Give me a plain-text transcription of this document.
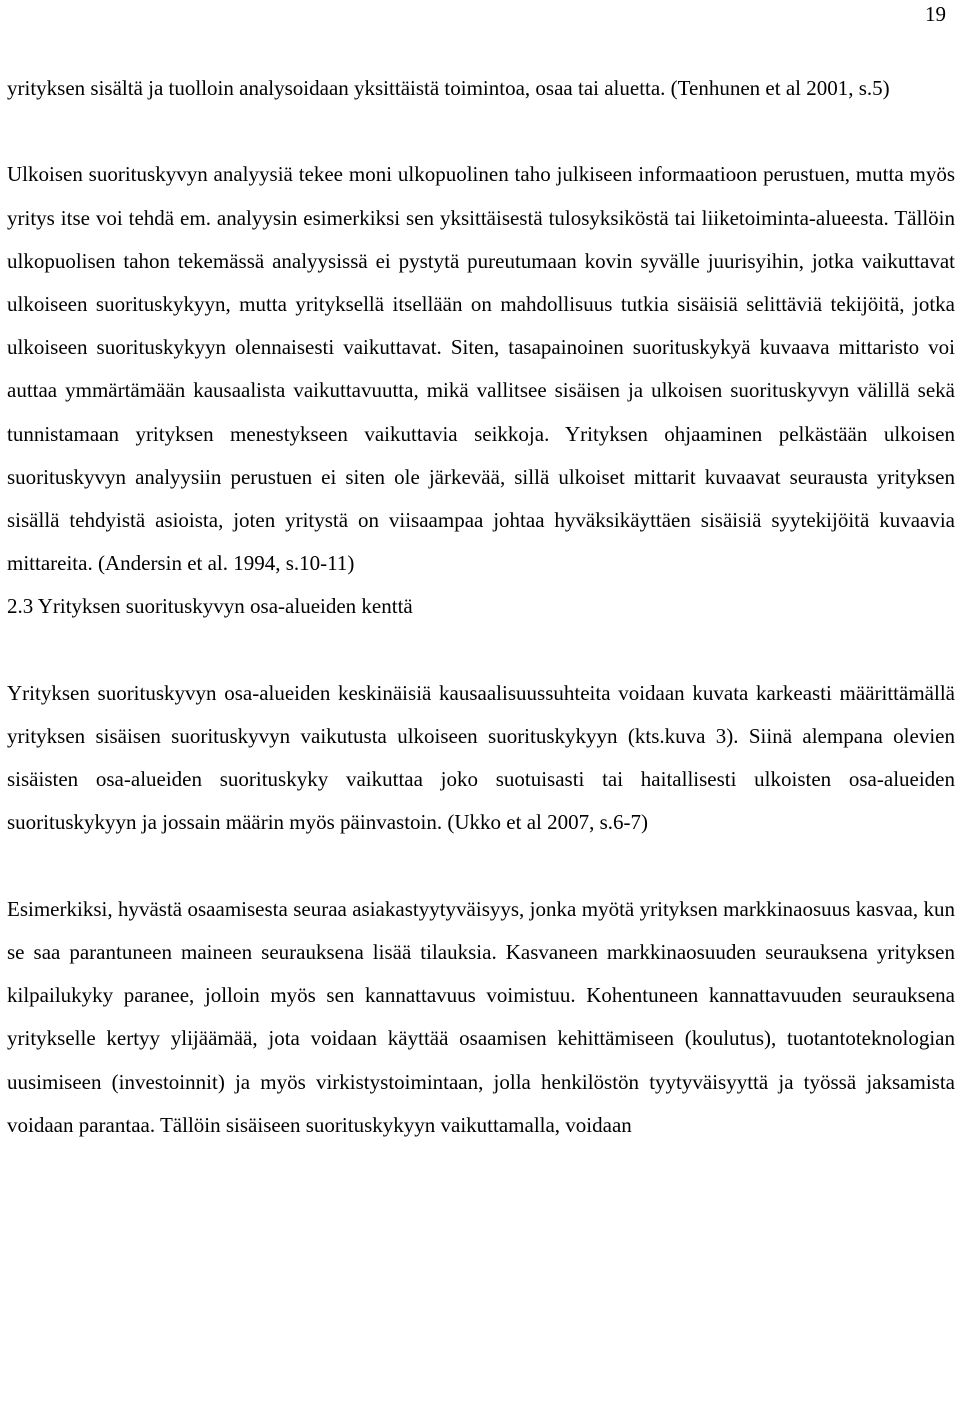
19

yrityksen sisältä ja tuolloin analysoidaan yksittäistä toimintoa, osaa tai aluetta. (Tenhunen et al 2001, s.5)

Ulkoisen suorituskyvyn analyysiä tekee moni ulkopuolinen taho julkiseen informaatioon perustuen, mutta myös yritys itse voi tehdä em. analyysin esimerkiksi sen yksittäisestä tulosyksiköstä tai liiketoiminta-alueesta. Tällöin ulkopuolisen tahon tekemässä analyysissä ei pystytä pureutumaan kovin syvälle juurisyihin, jotka vaikuttavat ulkoiseen suorituskykyyn, mutta yrityksellä itsellään on mahdollisuus tutkia sisäisiä selittäviä tekijöitä, jotka ulkoiseen suorituskykyyn olennaisesti vaikuttavat. Siten, tasapainoinen suorituskykyä kuvaava mittaristo voi auttaa ymmärtämään kausaalista vaikuttavuutta, mikä vallitsee sisäisen ja ulkoisen suorituskyvyn välillä sekä tunnistamaan yrityksen menestykseen vaikuttavia seikkoja. Yrityksen ohjaaminen pelkästään ulkoisen suorituskyvyn analyysiin perustuen ei siten ole järkevää, sillä ulkoiset mittarit kuvaavat seurausta yrityksen sisällä tehdyistä asioista, joten yritystä on viisaampaa johtaa hyväksikäyttäen sisäisiä syytekijöitä kuvaavia mittareita. (Andersin et al. 1994, s.10-11)

2.3 Yrityksen suorituskyvyn osa-alueiden kenttä

Yrityksen suorituskyvyn osa-alueiden keskinäisiä kausaalisuussuhteita voidaan kuvata karkeasti määrittämällä yrityksen sisäisen suorituskyvyn vaikutusta ulkoiseen suorituskykyyn (kts.kuva 3). Siinä alempana olevien sisäisten osa-alueiden suorituskyky vaikuttaa joko suotuisasti tai haitallisesti ulkoisten osa-alueiden suorituskykyyn ja jossain määrin myös päinvastoin. (Ukko et al 2007, s.6-7)

Esimerkiksi, hyvästä osaamisesta seuraa asiakastyytyväisyys, jonka myötä yrityksen markkinaosuus kasvaa, kun se saa parantuneen maineen seurauksena lisää tilauksia. Kasvaneen markkinaosuuden seurauksena yrityksen kilpailukyky paranee, jolloin myös sen kannattavuus voimistuu. Kohentuneen kannattavuuden seurauksena yritykselle kertyy ylijäämää, jota voidaan käyttää osaamisen kehittämiseen (koulutus), tuotantoteknologian uusimiseen (investoinnit) ja myös virkistystoimintaan, jolla henkilöstön tyytyväisyyttä ja työssä jaksamista voidaan parantaa. Tällöin sisäiseen suorituskykyyn vaikuttamalla, voidaan
